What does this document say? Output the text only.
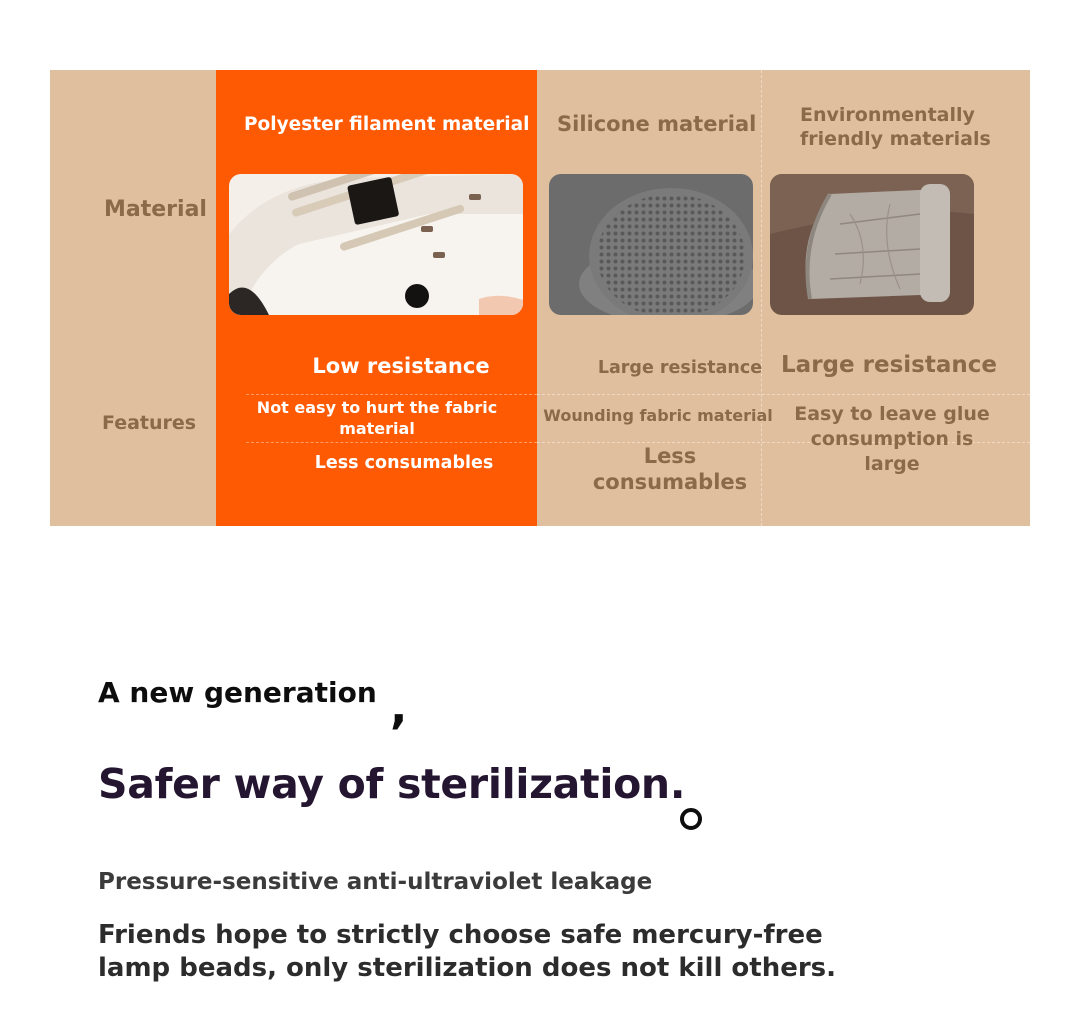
Material
Features
Polyester filament material Silicone material Environmentally friendly materials
Low resistance
Not easy to hurt the fabric material
Less consumables
Large resistance
Wounding fabric material
Less consumables
Large resistance
Easy to leave glue consumption is large
A new generation ,
Safer way of sterilization.
Pressure-sensitive anti-ultraviolet leakage
Friends hope to strictly choose safe mercury-free lamp beads, only sterilization does not kill others.
